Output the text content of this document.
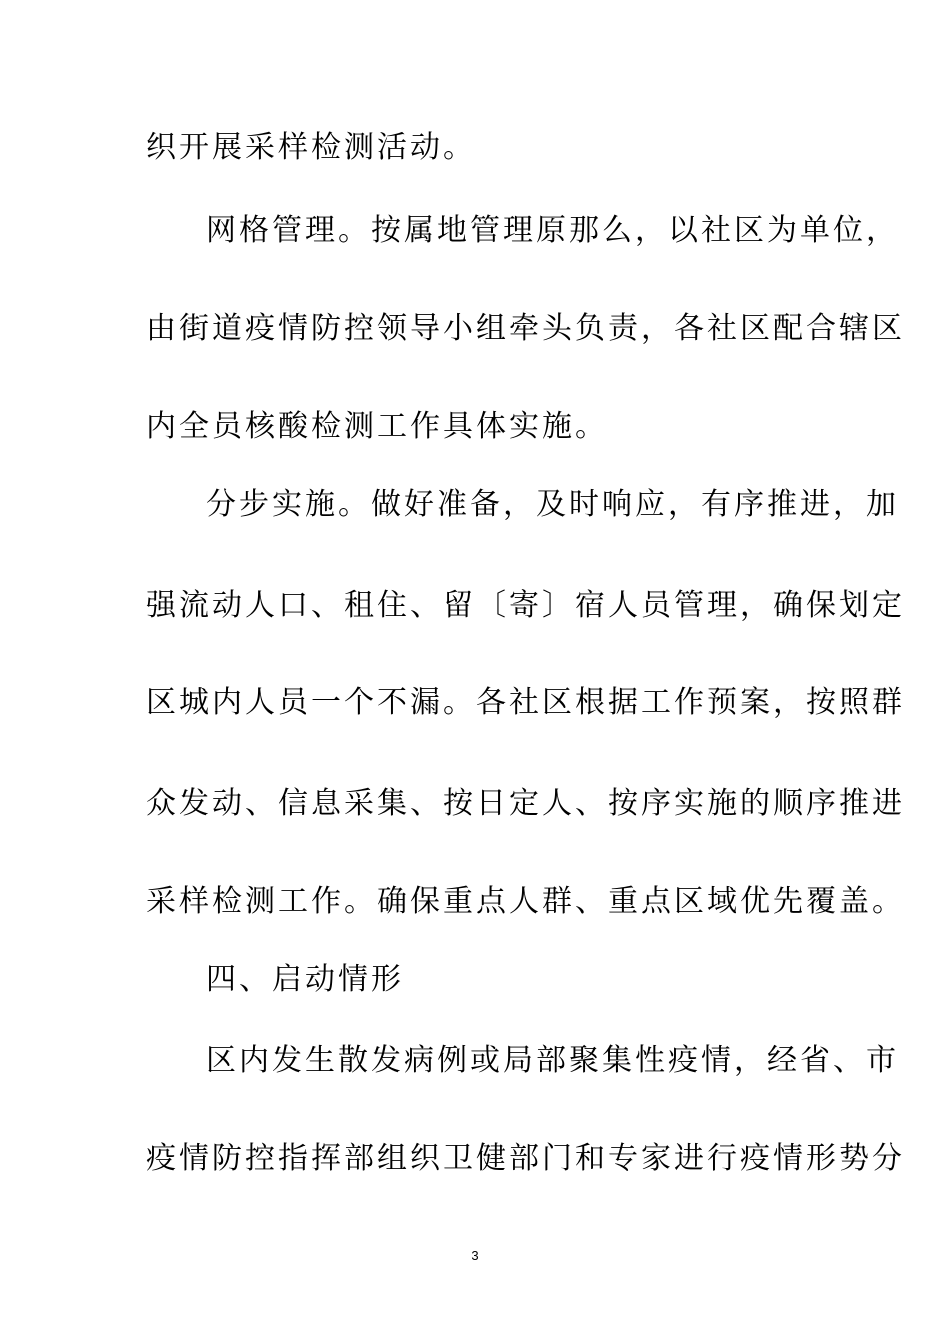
织开展采样检测活动。
网格管理。按属地管理原那么，以社区为单位，
由街道疫情防控领导小组牵头负责，各社区配合辖区
内全员核酸检测工作具体实施。
分步实施。做好准备，及时响应，有序推进，加
强流动人口、租住、留〔寄〕宿人员管理，确保划定
区城内人员一个不漏。各社区根据工作预案，按照群
众发动、信息采集、按日定人、按序实施的顺序推进
采样检测工作。确保重点人群、重点区域优先覆盖。
四、启动情形
区内发生散发病例或局部聚集性疫情，经省、市
疫情防控指挥部组织卫健部门和专家进行疫情形势分
3
